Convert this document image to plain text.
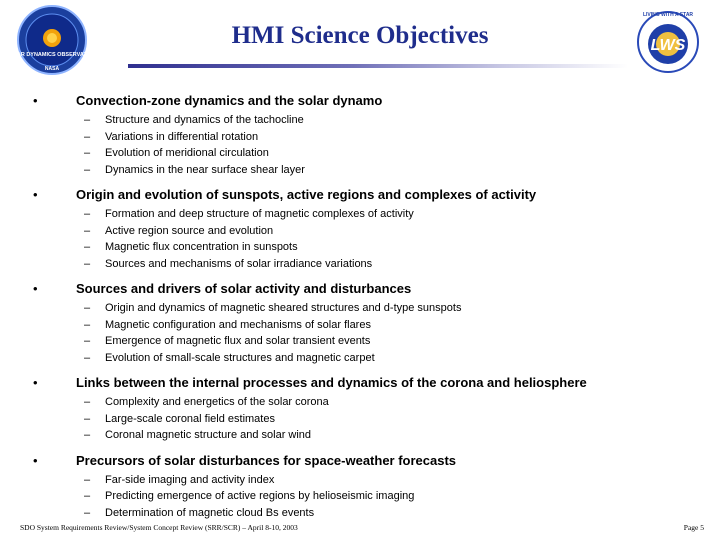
SOLAR DYNAMICS OBSERVATORY
NASA
LWS
LIVING WITH A STAR
HMI Science Objectives
•	Convection-zone dynamics and the solar dynamo
– Structure and dynamics of the tachocline
– Variations in differential rotation
– Evolution of meridional circulation
– Dynamics in the near surface shear layer
•	Origin and evolution of sunspots, active regions and complexes of activity
– Formation and deep structure of magnetic complexes of activity
– Active region source and evolution
– Magnetic flux concentration in sunspots
– Sources and mechanisms of solar irradiance variations
•	Sources and drivers of solar activity and disturbances
– Origin and dynamics of magnetic sheared structures and d-type sunspots
– Magnetic configuration and mechanisms of solar flares
– Emergence of magnetic flux and solar transient events
– Evolution of small-scale structures and magnetic carpet
•	Links between the internal processes and dynamics of the corona and heliosphere
– Complexity and energetics of the solar corona
– Large-scale coronal field estimates
– Coronal magnetic structure and solar wind
•	Precursors of solar disturbances for space-weather forecasts
– Far-side imaging and activity index
– Predicting emergence of active regions by helioseismic imaging
– Determination of magnetic cloud Bs events
SDO System Requirements Review/System Concept Review (SRR/SCR) – April 8-10, 2003	Page 5
